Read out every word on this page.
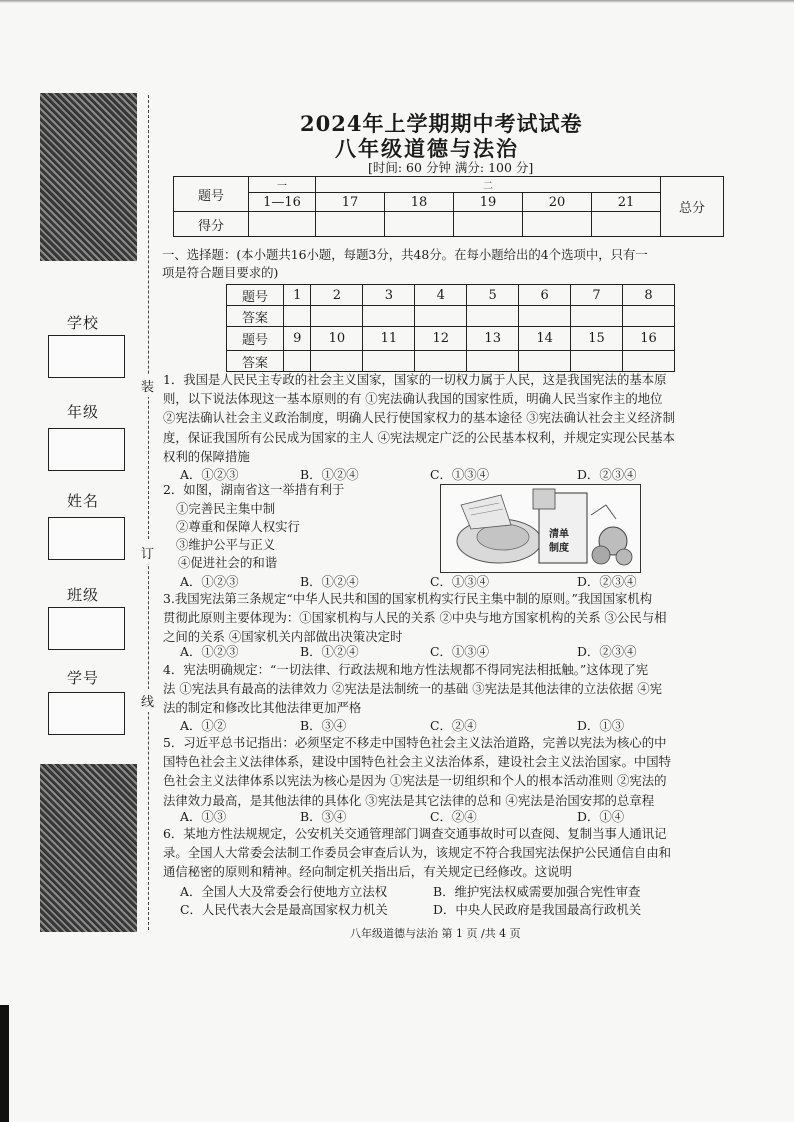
学校
年级
姓名
班级
学号
装
订
线
2024年上学期期中考试试卷
八年级道德与法治
[时间: 60 分钟 满分: 100 分]
题号	一	二					总分
	1—16	17	18	19	20	21	
得分							
一、选择题：(本小题共16小题，每题3分，共48分。在每小题给出的4个选项中，只有一
项是符合题目要求的)
题号	1	2	3	4	5	6	7	8
答案								
题号	9	10	11	12	13	14	15	16
答案								
1．我国是人民民主专政的社会主义国家，国家的一切权力属于人民，这是我国宪法的基本原
则，以下说法体现这一基本原则的有 ①宪法确认我国的国家性质，明确人民当家作主的地位
②宪法确认社会主义政治制度，明确人民行使国家权力的基本途径 ③宪法确认社会主义经济制
度，保证我国所有公民成为国家的主人 ④宪法规定广泛的公民基本权利，并规定实现公民基本
权利的保障措施
A．①②③	B．①②④	C．①③④	D．②③④
2．如图，湖南省这一举措有利于
①完善民主集中制
②尊重和保障人权实行
③维护公平与正义
④促进社会的和谐
清单
制度
A．①②③	B．①②④	C．①③④	D．②③④
3.我国宪法第三条规定“中华人民共和国的国家机构实行民主集中制的原则。”我国国家机构
贯彻此原则主要体现为：①国家机构与人民的关系 ②中央与地方国家机构的关系 ③公民与相
之间的关系 ④国家机关内部做出决策决定时
A．①②③	B．①②④	C．①③④	D．②③④
4．宪法明确规定：“一切法律、行政法规和地方性法规都不得同宪法相抵触。”这体现了宪
法 ①宪法具有最高的法律效力 ②宪法是法制统一的基础 ③宪法是其他法律的立法依据 ④宪
法的制定和修改比其他法律更加严格
A．①②	B．③④	C．②④	D．①③
5．习近平总书记指出：必须坚定不移走中国特色社会主义法治道路，完善以宪法为核心的中
国特色社会主义法律体系，建设中国特色社会主义法治体系，建设社会主义法治国家。中国特
色社会主义法律体系以宪法为核心是因为 ①宪法是一切组织和个人的根本活动准则 ②宪法的
法律效力最高，是其他法律的具体化 ③宪法是其它法律的总和 ④宪法是治国安邦的总章程
A．①③	B．③④	C．②④	D．①④
6．某地方性法规规定，公安机关交通管理部门调查交通事故时可以查阅、复制当事人通讯记
录。全国人大常委会法制工作委员会审查后认为，该规定不符合我国宪法保护公民通信自由和
通信秘密的原则和精神。经向制定机关指出后，有关规定已经修改。这说明
A．全国人大及常委会行使地方立法权	B．维护宪法权威需要加强合宪性审查
C．人民代表大会是最高国家权力机关	D．中央人民政府是我国最高行政机关
八年级道德与法治 第 1 页 /共 4 页
